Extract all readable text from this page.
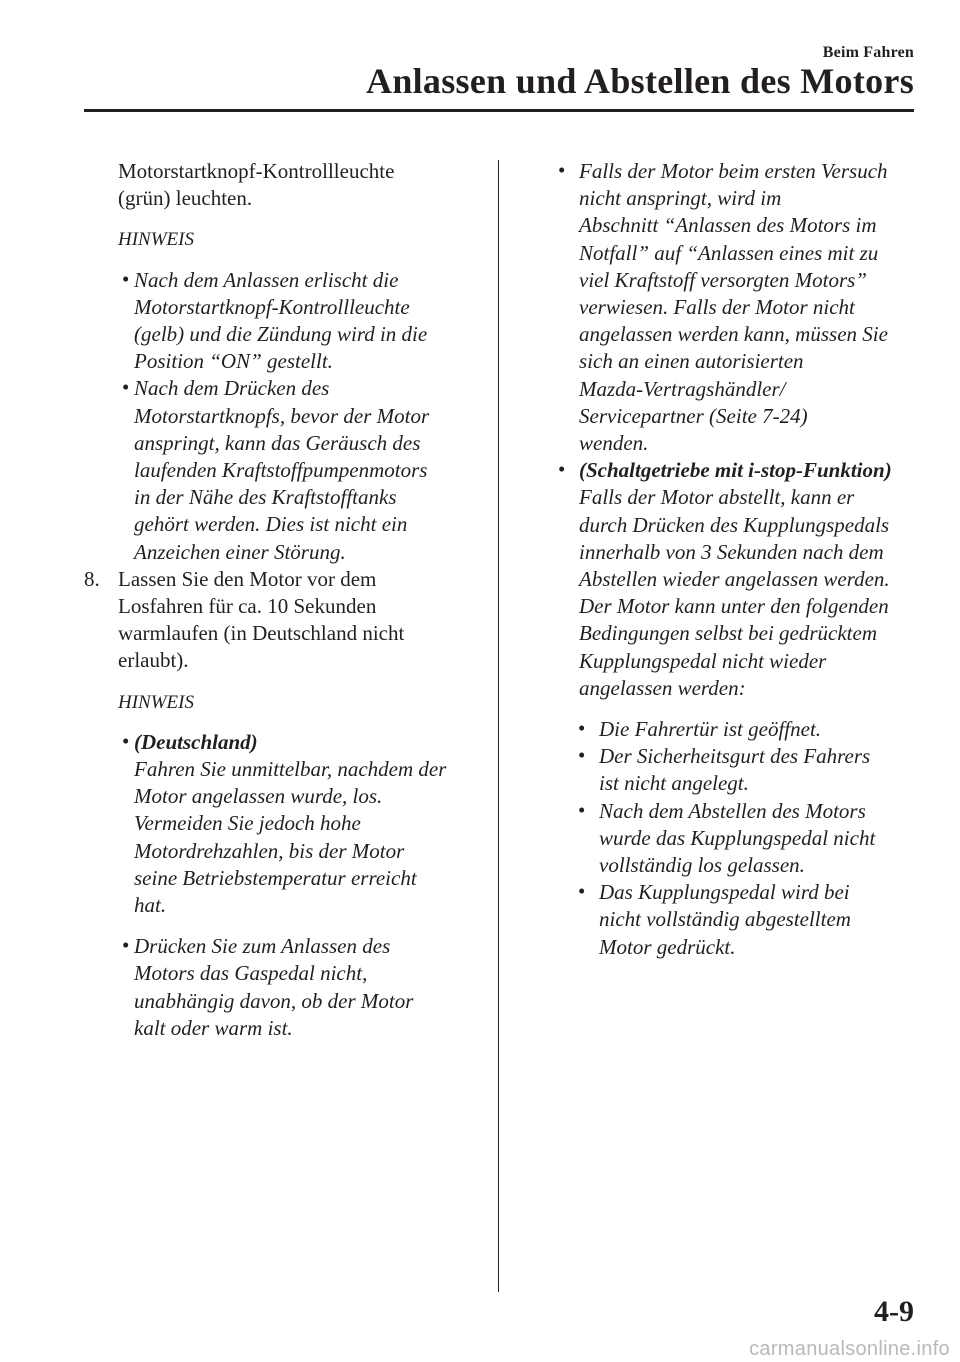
Beim Fahren
Anlassen und Abstellen des Motors

Motorstartknopf-Kontrollleuchte

(grün) leuchten.

HINWEIS

• Nach dem Anlassen erlischt die

Motorstartknopf-Kontrollleuchte

(gelb) und die Zündung wird in die

Position “ON” gestellt.

• Nach dem Drücken des

Motorstartknopfs, bevor der Motor

anspringt, kann das Geräusch des

laufenden Kraftstoffpumpenmotors

in der Nähe des Kraftstofftanks

gehört werden. Dies ist nicht ein

Anzeichen einer Störung.

8. Lassen Sie den Motor vor dem

Losfahren für ca. 10 Sekunden

warmlaufen (in Deutschland nicht

erlaubt).

HINWEIS

• (Deutschland)

Fahren Sie unmittelbar, nachdem der

Motor angelassen wurde, los.

Vermeiden Sie jedoch hohe

Motordrehzahlen, bis der Motor

seine Betriebstemperatur erreicht

hat.

• Drücken Sie zum Anlassen des

Motors das Gaspedal nicht,

unabhängig davon, ob der Motor

kalt oder warm ist.

• Falls der Motor beim ersten Versuch

nicht anspringt, wird im

Abschnitt “Anlassen des Motors im

Notfall” auf “Anlassen eines mit zu

viel Kraftstoff versorgten Motors”

verwiesen. Falls der Motor nicht

angelassen werden kann, müssen Sie

sich an einen autorisierten

Mazda-Vertragshändler/

Servicepartner (Seite 7-24)

wenden.

• (Schaltgetriebe mit i-stop-Funktion)

Falls der Motor abstellt, kann er

durch Drücken des Kupplungspedals

innerhalb von 3 Sekunden nach dem

Abstellen wieder angelassen werden.

Der Motor kann unter den folgenden

Bedingungen selbst bei gedrücktem

Kupplungspedal nicht wieder

angelassen werden:

• Die Fahrertür ist geöffnet.

• Der Sicherheitsgurt des Fahrers

ist nicht angelegt.

• Nach dem Abstellen des Motors

wurde das Kupplungspedal nicht

vollständig los gelassen.

• Das Kupplungspedal wird bei

nicht vollständig abgestelltem

Motor gedrückt.

4-9
carmanualsonline.info
